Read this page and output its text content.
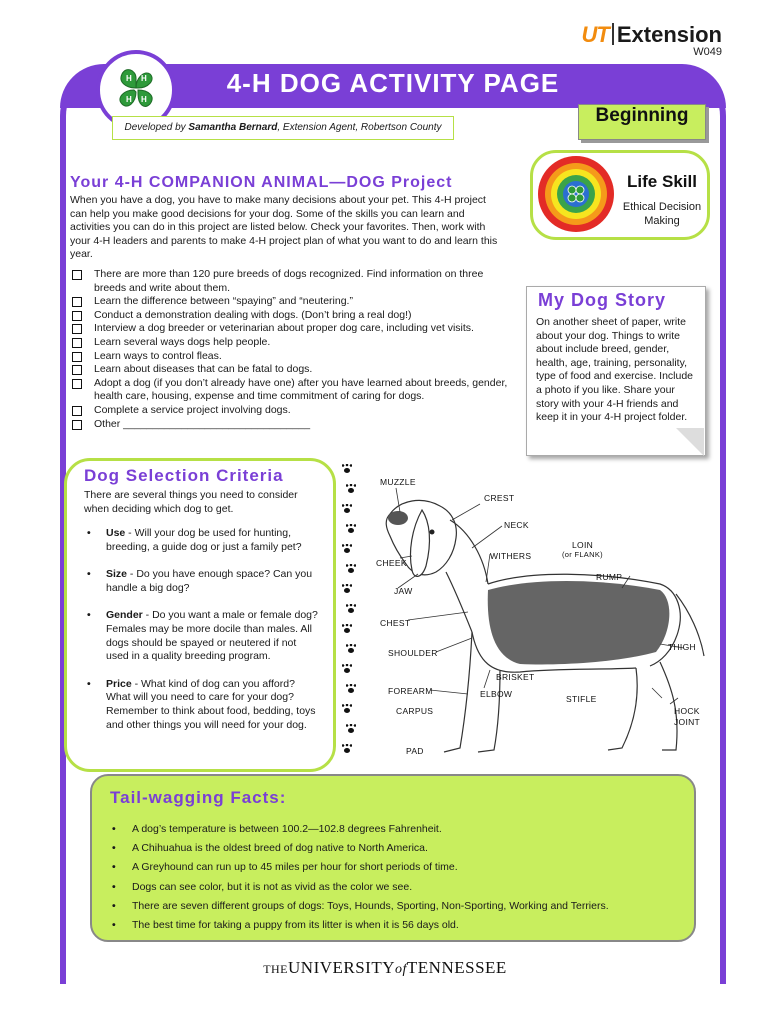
UT Extension
W049
4-H DOG ACTIVITY PAGE
H H
H
H
Developed by Samantha Bernard, Extension Agent, Robertson County
Beginning
Life Skill
Ethical Decision Making
Your 4-H COMPANION ANIMAL—DOG Project
When you have a dog, you have to make many decisions about your pet. This 4-H project can help you make good decisions for your dog. Some of the skills you can learn and activities you can do in this project are listed below. Check your favorites. Then, work with your 4-H leaders and parents to make 4-H project plan of what you want to do and learn this year.
There are more than 120 pure breeds of dogs recognized. Find information on three breeds and write about them.
Learn the difference between “spaying” and “neutering.”
Conduct a demonstration dealing with dogs. (Don’t bring a real dog!)
Interview a dog breeder or veterinarian about proper dog care, including vet visits.
Learn several ways dogs help people.
Learn ways to control fleas.
Learn about diseases that can be fatal to dogs.
Adopt a dog (if you don’t already have one) after you have learned about breeds, gender, health care, housing, expense and time commitment of caring for dogs.
Complete a service project involving dogs.
Other ________________________________
My Dog Story
On another sheet of paper, write about your dog. Things to write about include breed, gender, health, age, training, personality, type of food and exercise. Include a photo if you like. Share your story with your 4-H friends and keep it in your 4-H project folder.
Dog Selection Criteria
There are several things you need to consider when deciding which dog to get.
• Use - Will your dog be used for hunting, breeding, a guide dog or just a family pet?
• Size - Do you have enough space? Can you handle a big dog?
• Gender - Do you want a male or female dog? Females may be more docile than males. All dogs should be spayed or neutered if not used in a quality breeding program.
• Price - What kind of dog can you afford? What will you need to care for your dog? Remember to think about food, bedding, toys and other things you will need for your dog.
MUZZLE
CREST
NECK
LOIN
(or FLANK)
WITHERS
CHEEK
RUMP
JAW
CHEST
THIGH
SHOULDER
BRISKET
FOREARM	ELBOW	STIFLE
CARPUS	HOCK
JOINT
PAD
Tail-wagging Facts:
• A dog’s temperature is between 100.2—102.8 degrees Fahrenheit.
• A Chihuahua is the oldest breed of dog native to North America.
• A Greyhound can run up to 45 miles per hour for short periods of time.
• Dogs can see color, but it is not as vivid as the color we see.
• There are seven different groups of dogs: Toys, Hounds, Sporting, Non-Sporting, Working and Terriers.
• The best time for taking a puppy from its litter is when it is 56 days old.
THEUNIVERSITYofTENNESSEE
